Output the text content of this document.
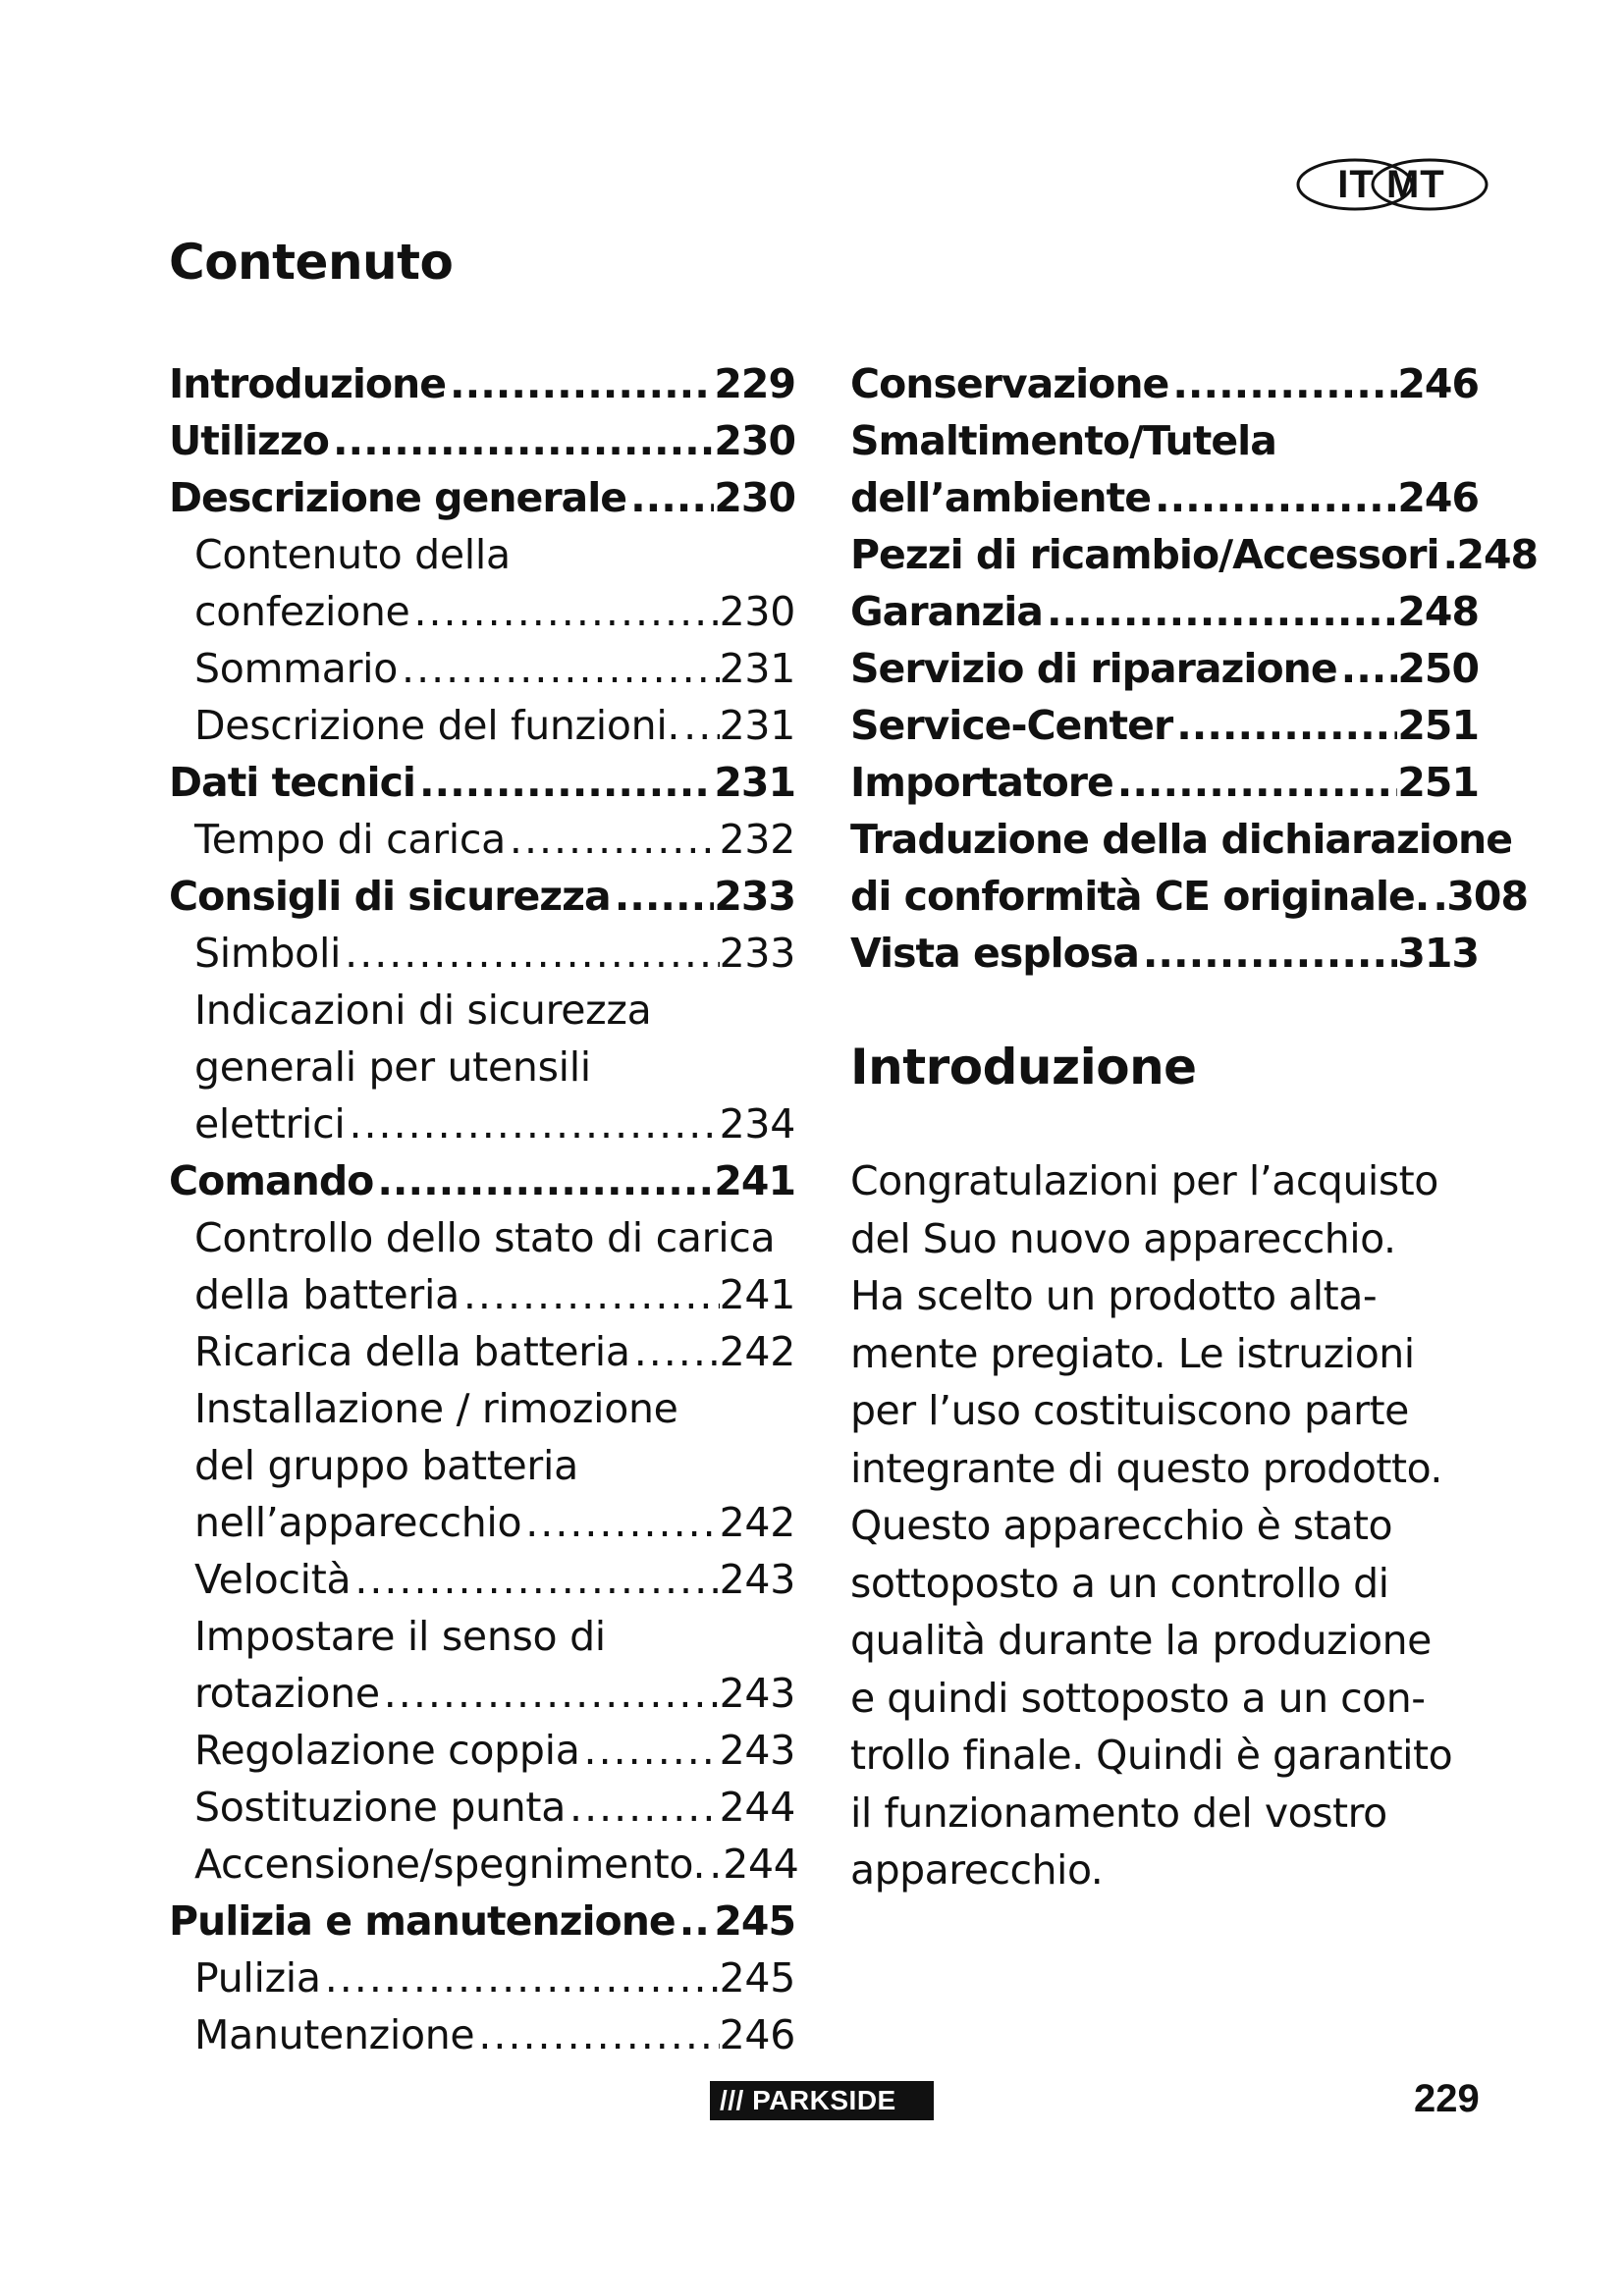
IT MT
Contenuto
Introduzione .....	229
Utilizzo .....	230
Descrizione generale ..... 230
Contenuto della
confezione .....	230
Sommario .....	231
Descrizione del funzioni. ..... 231
Dati tecnici .....	231
Tempo di carica .....	232
Consigli di sicurezza .....	233
Simboli .....	233
Indicazioni di sicurezza
generali per utensili
elettrici .....	234
Comando .....	241
Controllo dello stato di carica
della batteria .....	241
Ricarica della batteria ..... 242
Installazione / rimozione
del gruppo batteria
nell’apparecchio .....	242
Velocità .....	243
Impostare il senso di
rotazione .....	243
Regolazione coppia .....	243
Sostituzione punta .....	244
Accensione/spegnimento. ..... 244
Pulizia e manutenzione ..... 245
Pulizia .....	245
Manutenzione .....	246
Conservazione .....	246
Smaltimento/Tutela
dell’ambiente .....	246
Pezzi di ricambio/Accessori ..... 248
Garanzia .....	248
Servizio di riparazione ..... 250
Service-Center .....	251
Importatore .....	251
Traduzione della dichiarazione
di conformità CE originale. ..... 308
Vista esplosa .....	313
Introduzione
Congratulazioni per l’acquisto
del Suo nuovo apparecchio.
Ha scelto un prodotto alta-
mente pregiato. Le istruzioni
per l’uso costituiscono parte
integrante di questo prodotto.
Questo apparecchio è stato
sottoposto a un controllo di
qualità durante la produzione
e quindi sottoposto a un con-
trollo finale. Quindi è garantito
il funzionamento del vostro
apparecchio.
/// PARKSIDE	229
